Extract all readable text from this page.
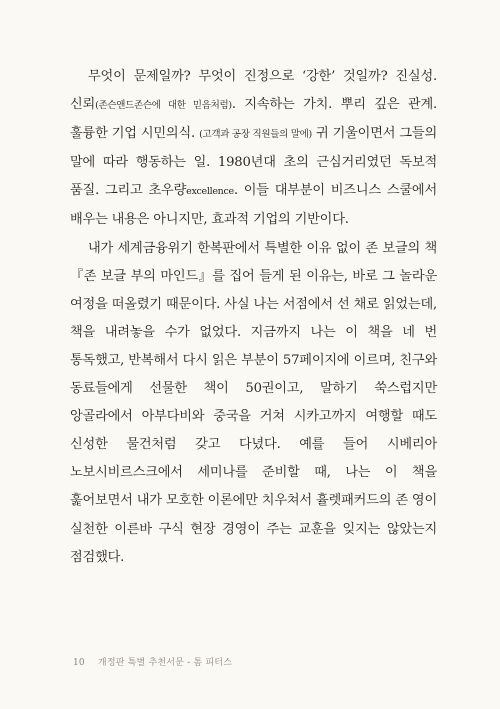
무엇이 문제일까? 무엇이 진정으로 ‘강한’ 것일까? 진실성. 신뢰(존슨앤드존슨에 대한 믿음처럼). 지속하는 가치. 뿌리 깊은 관계. 훌륭한 기업 시민의식. (고객과 공장 직원들의 말에) 귀 기울이면서 그들의 말에 따라 행동하는 일. 1980년대 초의 근심거리였던 독보적 품질. 그리고 초우량excellence. 이들 대부분이 비즈니스 스쿨에서 배우는 내용은 아니지만, 효과적 기업의 기반이다.

내가 세계금융위기 한복판에서 특별한 이유 없이 존 보글의 책 『존 보글 부의 마인드』를 집어 들게 된 이유는, 바로 그 놀라운 여정을 떠올렸기 때문이다. 사실 나는 서점에서 선 채로 읽었는데, 책을 내려놓을 수가 없었다. 지금까지 나는 이 책을 네 번 통독했고, 반복해서 다시 읽은 부분이 57페이지에 이르며, 친구와 동료들에게 선물한 책이 50권이고, 말하기 쑥스럽지만 앙골라에서 아부다비와 중국을 거쳐 시카고까지 여행할 때도 신성한 물건처럼 갖고 다녔다. 예를 들어 시베리아 노보시비르스크에서 세미나를 준비할 때, 나는 이 책을 훑어보면서 내가 모호한 이론에만 치우쳐서 휼렛패커드의 존 영이 실천한 이른바 구식 현장 경영이 주는 교훈을 잊지는 않았는지 점검했다.

10 개정판 특별 추천서문 - 톰 피터스
